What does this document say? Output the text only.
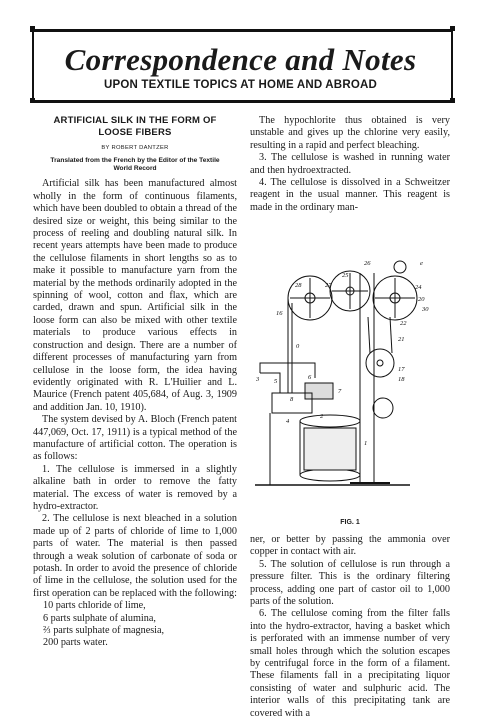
Correspondence and Notes
UPON TEXTILE TOPICS AT HOME AND ABROAD
ARTIFICIAL SILK IN THE FORM OF
LOOSE FIBERS
BY ROBERT DANTZER
Translated from the French by the Editor of the Textile
World Record

Artificial silk has been manufactured almost wholly in the form of continuous filaments, which have been doubled to obtain a thread of the desired size or weight, this being similar to the process of reeling and doubling natural silk. In recent years attempts have been made to produce the cellulose filaments in short lengths so as to make it possible to manufacture yarn from the material by the methods ordinarily adopted in the spinning of wool, cotton and flax, which are carded, drawn and spun. Artificial silk in the loose form can also be mixed with other textile materials to produce various effects in construction and design. There are a number of different processes of manufacturing yarn from cellulose in the loose form, the idea having evidently originated with R. L'Huilier and L. Maurice (French patent 405,684, of Aug. 3, 1909 and addition Jan. 10, 1910).

The system devised by A. Bloch (French patent 447,069, Oct. 17, 1911) is a typical method of the manufacture of artificial cotton. The operation is as follows:

1. The cellulose is immersed in a slightly alkaline bath in order to remove the fatty material. The excess of water is removed by a hydro-extractor.

2. The cellulose is next bleached in a solution made up of 2 parts of chloride of lime to 1,000 parts of water. The material is then passed through a weak solution of carbonate of soda or potash. In order to avoid the presence of chloride of lime in the cellulose, the solution used for the first operation can be replaced with the following:

10 parts chloride of lime,
6 parts sulphate of alumina,
⅔ parts sulphate of magnesia,
200 parts water.

The hypochlorite thus obtained is very unstable and gives up the chlorine very easily, resulting in a rapid and perfect bleaching.

3. The cellulose is washed in running water and then hydroextracted.

4. The cellulose is dissolved in a Schweitzer reagent in the usual manner. This reagent is made in the ordinary man-

26	e
25
28	27	24
20
30
16
22
21
17
18
0
6
7
3 5
8
2
1
4
FIG. 1

ner, or better by passing the ammonia over copper in contact with air.

5. The solution of cellulose is run through a pressure filter. This is the ordinary filtering process, adding one part of castor oil to 1,000 parts of the solution.

6. The cellulose coming from the filter falls into the hydro-extractor, having a basket which is perforated with an immense number of very small holes through which the solution escapes by centrifugal force in the form of a filament. These filaments fall in a precipitating liquor consisting of water and sulphuric acid. The interior walls of this precipitating tank are covered with a
